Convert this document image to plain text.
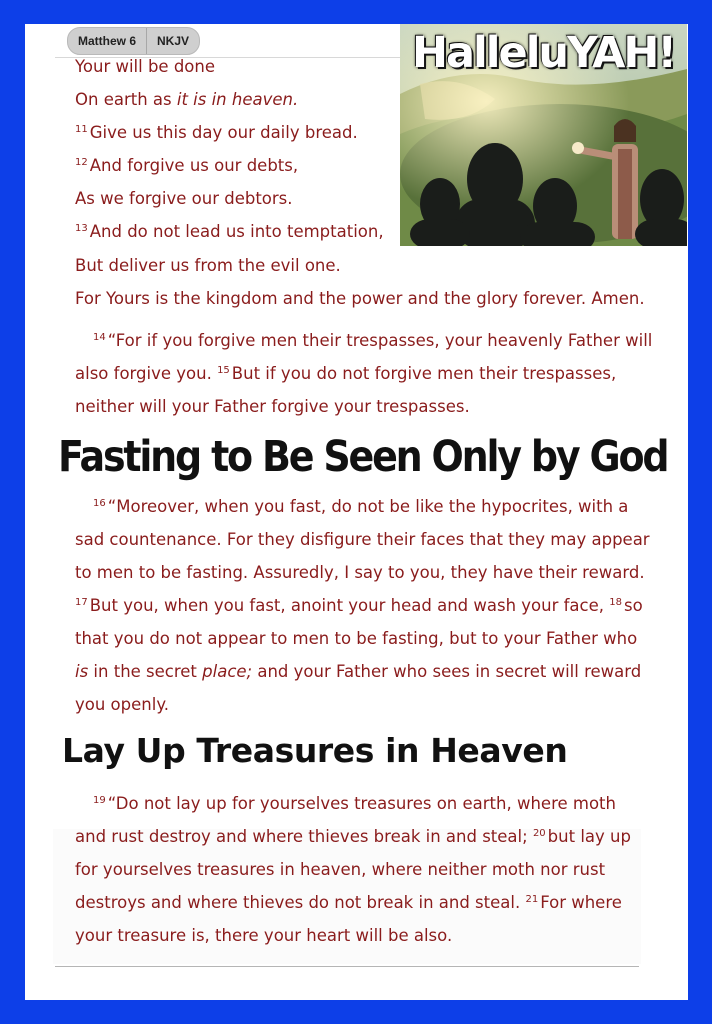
Matthew 6	NKJV	HalleluYAH!
Your will be done
On earth as it is in heaven.
$^{11}$ Give us this day our daily bread.
$^{12}$ And forgive us our debts,
As we forgive our debtors.
$^{13}$ And do not lead us into temptation,
But deliver us from the evil one.
For Yours is the kingdom and the power and the glory forever. Amen.
$^{14}$ “For if you forgive men their trespasses, your heavenly Father will
also forgive you. $^{15}$ But if you do not forgive men their trespasses,
neither will your Father forgive your trespasses.
$^{16}$ “Moreover, when you fast, do not be like the hypocrites, with a
sad countenance. For they disfigure their faces that they may appear
to men to be fasting. Assuredly, I say to you, they have their reward.
$^{17}$ But you, when you fast, anoint your head and wash your face, $^{18}$ so
that you do not appear to men to be fasting, but to your Father who
is in the secret place; and your Father who sees in secret will reward
you openly.
Fasting to Be Seen Only by God
Lay Up Treasures in Heaven
$^{19}$ “Do not lay up for yourselves treasures on earth, where moth
and rust destroy and where thieves break in and steal; $^{20}$ but lay up
for yourselves treasures in heaven, where neither moth nor rust
destroys and where thieves do not break in and steal. $^{21}$ For where
your treasure is, there your heart will be also.
